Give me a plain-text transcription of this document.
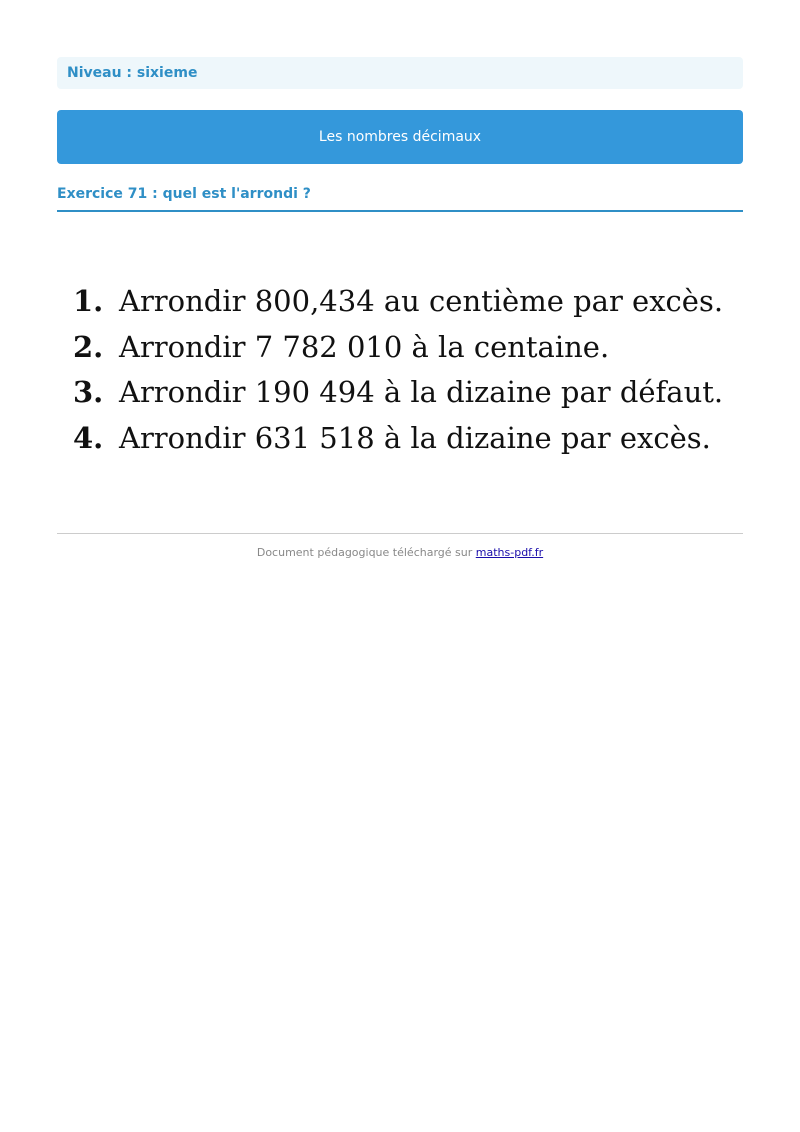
Niveau : sixieme
Les nombres décimaux
Exercice 71 : quel est l'arrondi ?
1. Arrondir 800,434 au centième par excès.
2. Arrondir 7 782 010 à la centaine.
3. Arrondir 190 494 à la dizaine par défaut.
4. Arrondir 631 518 à la dizaine par excès.
Document pédagogique téléchargé sur maths-pdf.fr
